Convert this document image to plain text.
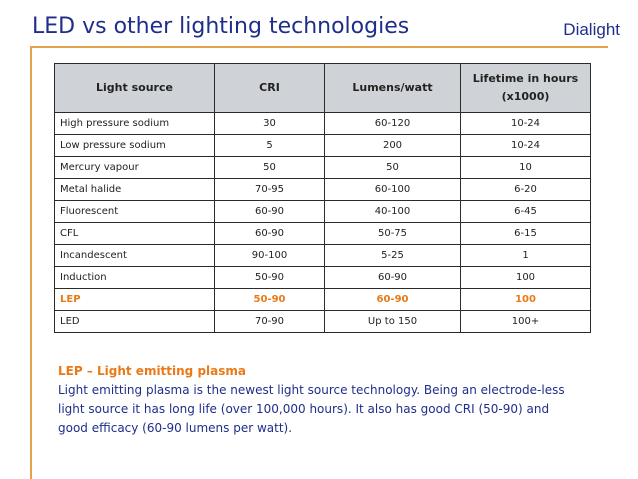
LED vs other lighting technologies	Dialight
Light source	CRI	Lumens/watt	Lifetime in hours (x1000)
High pressure sodium	30	60-120	10-24
Low pressure sodium	5	200	10-24
Mercury vapour	50	50	10
Metal halide	70-95	60-100	6-20
Fluorescent	60-90	40-100	6-45
CFL	60-90	50-75	6-15
Incandescent	90-100	5-25	1
Induction	50-90	60-90	100
LEP	50-90	60-90	100
LED	70-90	Up to 150	100+
LEP – Light emitting plasma
Light emitting plasma is the newest light source technology. Being an electrode-less light source it has long life (over 100,000 hours). It also has good CRI (50-90) and good efficacy (60-90 lumens per watt).
